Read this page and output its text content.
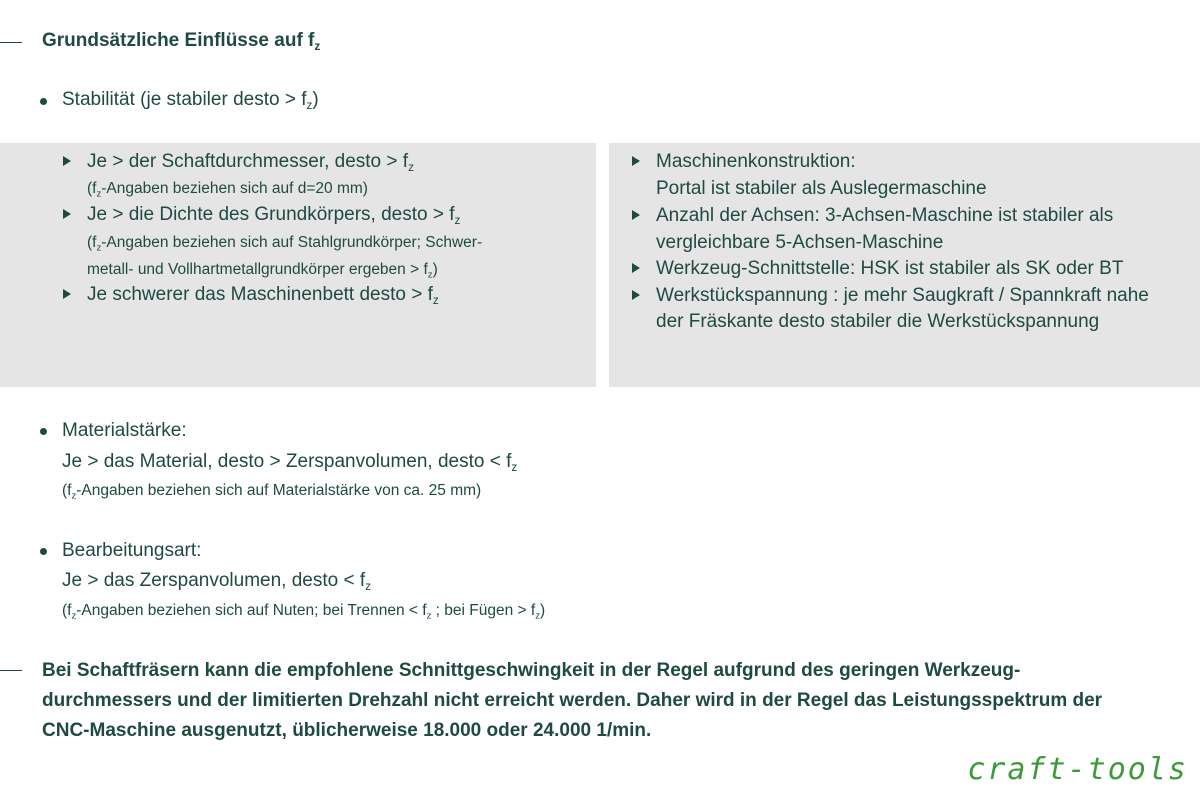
Grundsätzliche Einflüsse auf $f_z$
Stabilität (je stabiler desto > $f_z$)
Je > der Schaftdurchmesser, desto > $f_z$
($f_z$-Angaben beziehen sich auf d=20 mm)
Je > die Dichte des Grundkörpers, desto > $f_z$
($f_z$-Angaben beziehen sich auf Stahlgrundkörper; Schwer-
metall- und Vollhartmetallgrundkörper ergeben > $f_z$)
Je schwerer das Maschinenbett desto > $f_z$
Maschinenkonstruktion:
Portal ist stabiler als Auslegermaschine
Anzahl der Achsen: 3-Achsen-Maschine ist stabiler als
vergleichbare 5-Achsen-Maschine
Werkzeug-Schnittstelle: HSK ist stabiler als SK oder BT
Werkstückspannung : je mehr Saugkraft / Spannkraft nahe
der Fräskante desto stabiler die Werkstückspannung
Materialstärke:
Je > das Material, desto > Zerspanvolumen, desto < $f_z$
($f_z$-Angaben beziehen sich auf Materialstärke von ca. 25 mm)
Bearbeitungsart:
Je > das Zerspanvolumen, desto < $f_z$
($f_z$-Angaben beziehen sich auf Nuten; bei Trennen < $f_z$ ; bei Fügen > $f_z$)
Bei Schaftfräsern kann die empfohlene Schnittgeschwingkeit in der Regel aufgrund des geringen Werkzeug-
durchmessers und der limitierten Drehzahl nicht erreicht werden. Daher wird in der Regel das Leistungsspektrum der
CNC-Maschine ausgenutzt, üblicherweise 18.000 oder 24.000 1/min.
craft-tools
